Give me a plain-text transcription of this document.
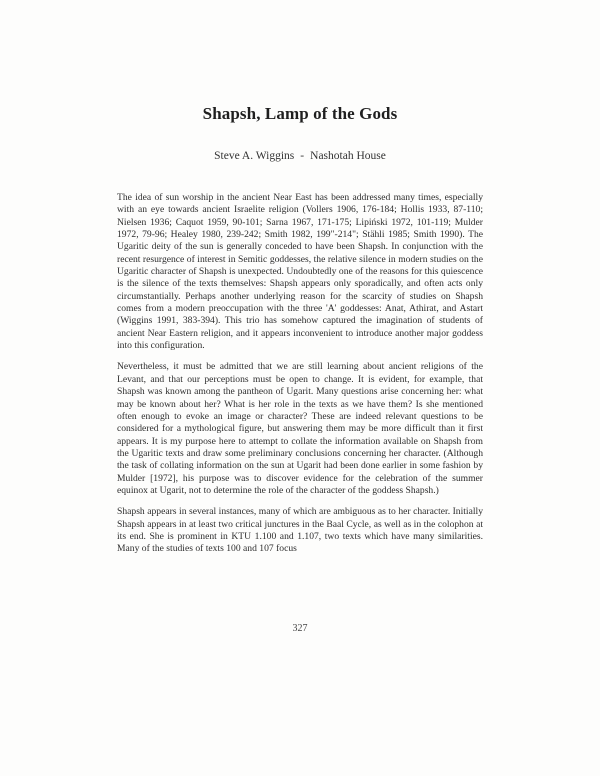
Shapsh, Lamp of the Gods
Steve A. Wiggins - Nashotah House

The idea of sun worship in the ancient Near East has been addressed many times, especially with an eye towards ancient Israelite religion (Vollers 1906, 176-184; Hollis 1933, 87-110; Nielsen 1936; Caquot 1959, 90-101; Sarna 1967, 171-175; Lipiński 1972, 101-119; Mulder 1972, 79-96; Healey 1980, 239-242; Smith 1982, 199"-214"; Stähli 1985; Smith 1990). The Ugaritic deity of the sun is generally conceded to have been Shapsh. In conjunction with the recent resurgence of interest in Semitic goddesses, the relative silence in modern studies on the Ugaritic character of Shapsh is unexpected. Undoubtedly one of the reasons for this quiescence is the silence of the texts themselves: Shapsh appears only sporadically, and often acts only circumstantially. Perhaps another underlying reason for the scarcity of studies on Shapsh comes from a modern preoccupation with the three 'A' goddesses: Anat, Athirat, and Astart (Wiggins 1991, 383-394). This trio has somehow captured the imagination of students of ancient Near Eastern religion, and it appears inconvenient to introduce another major goddess into this configuration.

Nevertheless, it must be admitted that we are still learning about ancient religions of the Levant, and that our perceptions must be open to change. It is evident, for example, that Shapsh was known among the pantheon of Ugarit. Many questions arise concerning her: what may be known about her? What is her role in the texts as we have them? Is she mentioned often enough to evoke an image or character? These are indeed relevant questions to be considered for a mythological figure, but answering them may be more difficult than it first appears. It is my purpose here to attempt to collate the information available on Shapsh from the Ugaritic texts and draw some preliminary conclusions concerning her character. (Although the task of collating information on the sun at Ugarit had been done earlier in some fashion by Mulder [1972], his purpose was to discover evidence for the celebration of the summer equinox at Ugarit, not to determine the role of the character of the goddess Shapsh.)

Shapsh appears in several instances, many of which are ambiguous as to her character. Initially Shapsh appears in at least two critical junctures in the Baal Cycle, as well as in the colophon at its end. She is prominent in KTU 1.100 and 1.107, two texts which have many similarities. Many of the studies of texts 100 and 107 focus

327
